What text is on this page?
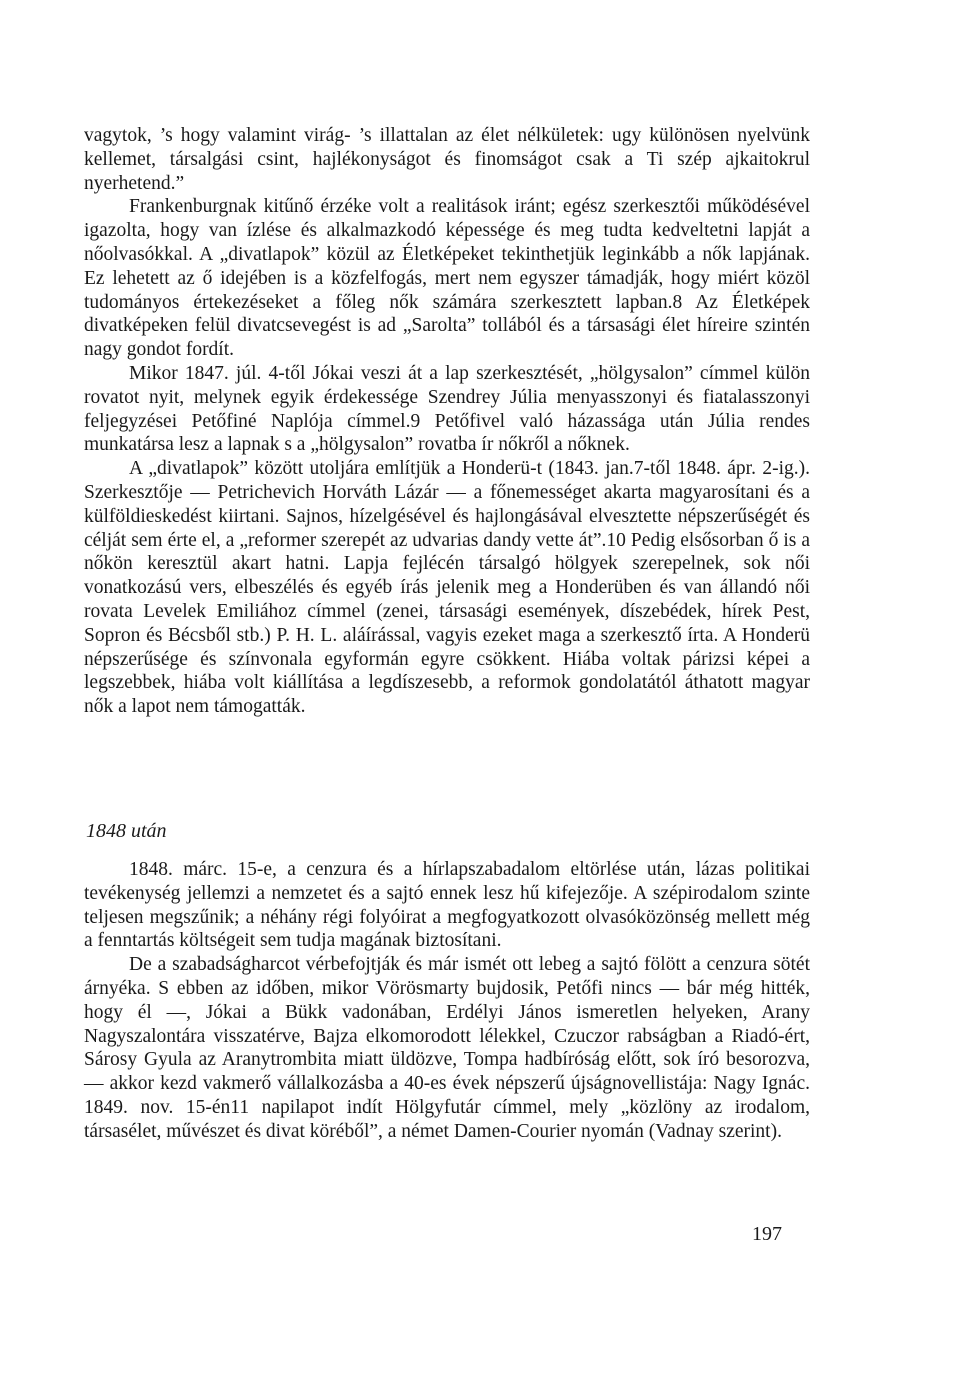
vagytok, ’s hogy valamint virág- ’s illattalan az élet nélkületek: ugy különösen nyelvünk kellemet, társalgási csint, hajlékonyságot és finomságot csak a Ti szép ajkaitokrul nyerhetend.”

Frankenburgnak kitűnő érzéke volt a realitások iránt; egész szerkesztői működésével igazolta, hogy van ízlése és alkalmazkodó képessége és meg tudta kedveltetni lapját a nőolvasókkal. A „divatlapok” közül az Életképeket tekinthetjük leginkább a nők lapjának. Ez lehetett az ő idejében is a közfelfogás, mert nem egyszer támadják, hogy miért közöl tudományos értekezéseket a főleg nők számára szerkesztett lapban.8 Az Életképek divatképeken felül divatcsevegést is ad „Sarolta” tollából és a társasági élet híreire szintén nagy gondot fordít.

Mikor 1847. júl. 4-től Jókai veszi át a lap szerkesztését, „hölgysalon” címmel külön rovatot nyit, melynek egyik érdekessége Szendrey Júlia menyasszonyi és fiatalasszonyi feljegyzései Petőfiné Naplója címmel.9 Petőfivel való házassága után Júlia rendes munkatársa lesz a lapnak s a „hölgysalon” rovatba ír nőkről a nőknek.

A „divatlapok” között utoljára említjük a Honderü-t (1843. jan.7-től 1848. ápr. 2-ig.). Szerkesztője — Petrichevich Horváth Lázár — a főnemességet akarta magyarosítani és a külföldieskedést kiirtani. Sajnos, hízelgésével és hajlongásával elvesztette népszerűségét és célját sem érte el, a „reformer szerepét az udvarias dandy vette át”.10 Pedig elsősorban ő is a nőkön keresztül akart hatni. Lapja fejlécén társalgó hölgyek szerepelnek, sok női vonatkozású vers, elbeszélés és egyéb írás jelenik meg a Honderüben és van állandó női rovata Levelek Emiliához címmel (zenei, társasági események, díszebédek, hírek Pest, Sopron és Bécsből stb.) P. H. L. aláírással, vagyis ezeket maga a szerkesztő írta. A Honderü népszerűsége és színvonala egyformán egyre csökkent. Hiába voltak párizsi képei a legszebbek, hiába volt kiállítása a legdíszesebb, a reformok gondolatától áthatott magyar nők a lapot nem támogatták.

1848 után

1848. márc. 15-e, a cenzura és a hírlapszabadalom eltörlése után, lázas politikai tevékenység jellemzi a nemzetet és a sajtó ennek lesz hű kifejezője. A szépirodalom szinte teljesen megszűnik; a néhány régi folyóirat a megfogyatkozott olvasóközönség mellett még a fenntartás költségeit sem tudja magának biztosítani.

De a szabadságharcot vérbefojtják és már ismét ott lebeg a sajtó fölött a cenzura sötét árnyéka. S ebben az időben, mikor Vörösmarty bujdosik, Petőfi nincs — bár még hitték, hogy él —, Jókai a Bükk vadonában, Erdélyi János ismeretlen helyeken, Arany Nagyszalontára visszatérve, Bajza elkomorodott lélekkel, Czuczor rabságban a Riadó-ért, Sárosy Gyula az Aranytrombita miatt üldözve, Tompa hadbíróság előtt, sok író besorozva, — akkor kezd vakmerő vállalkozásba a 40-es évek népszerű újságnovellistája: Nagy Ignác. 1849. nov. 15-én11 napilapot indít Hölgyfutár címmel, mely „közlöny az irodalom, társasélet, művészet és divat köréből”, a német Damen-Courier nyomán (Vadnay szerint).

197
